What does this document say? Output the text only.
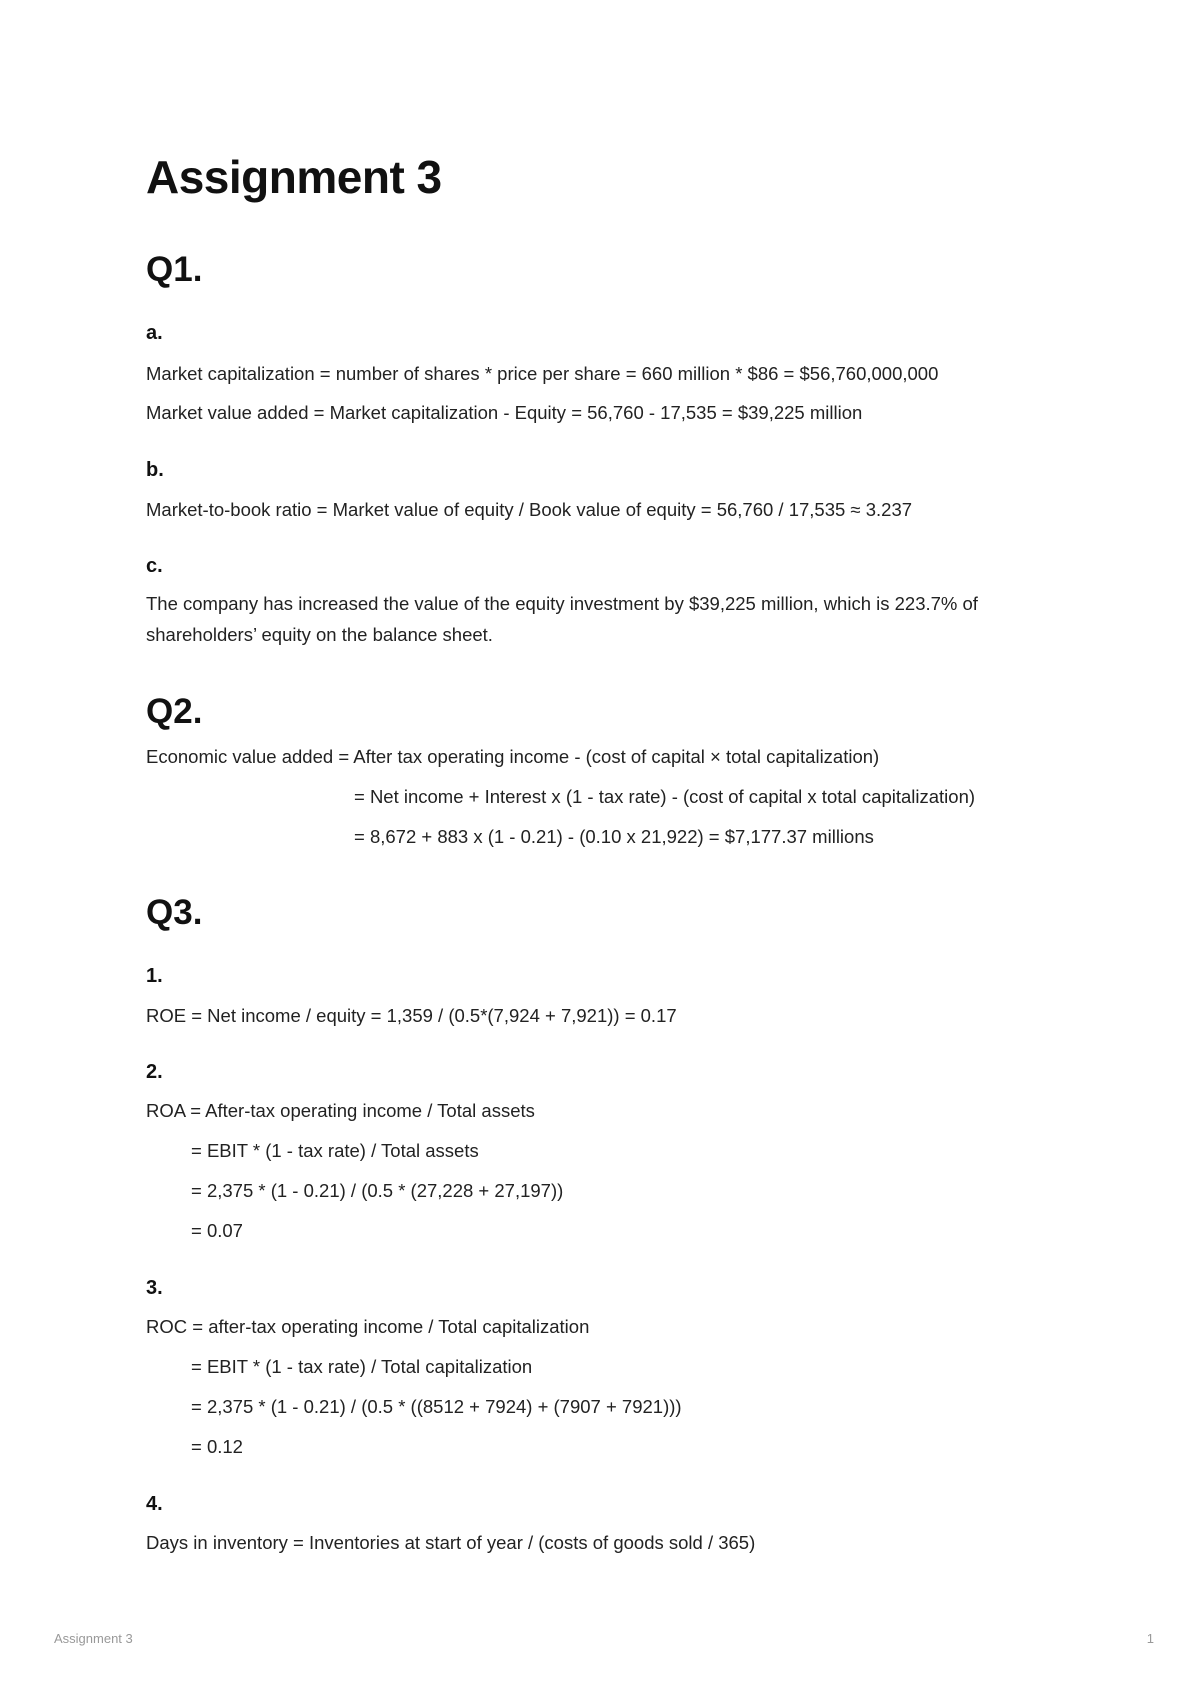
Assignment 3
Q1.
a.
Market capitalization = number of shares * price per share = 660 million * $86 = $56,760,000,000
Market value added = Market capitalization - Equity = 56,760 - 17,535 = $39,225 million
b.
Market-to-book ratio = Market value of equity / Book value of equity = 56,760 / 17,535 ≈ 3.237
c.
The company has increased the value of the equity investment by $39,225 million, which is 223.7% of
shareholders’ equity on the balance sheet.
Q2.
Economic value added = After tax operating income - (cost of capital × total capitalization)
= Net income + Interest x (1 - tax rate) - (cost of capital x total capitalization)
= 8,672 + 883 x (1 - 0.21) - (0.10 x 21,922) = $7,177.37 millions
Q3.
1.
ROE = Net income / equity = 1,359 / (0.5*(7,924 + 7,921)) = 0.17
2.
ROA = After-tax operating income / Total assets
= EBIT * (1 - tax rate) / Total assets
= 2,375 * (1 - 0.21) / (0.5 * (27,228 + 27,197))
= 0.07
3.
ROC = after-tax operating income / Total capitalization
= EBIT * (1 - tax rate) / Total capitalization
= 2,375 * (1 - 0.21) / (0.5 * ((8512 + 7924) + (7907 + 7921)))
= 0.12
4.
Days in inventory = Inventories at start of year / (costs of goods sold / 365)
Assignment 3	1
